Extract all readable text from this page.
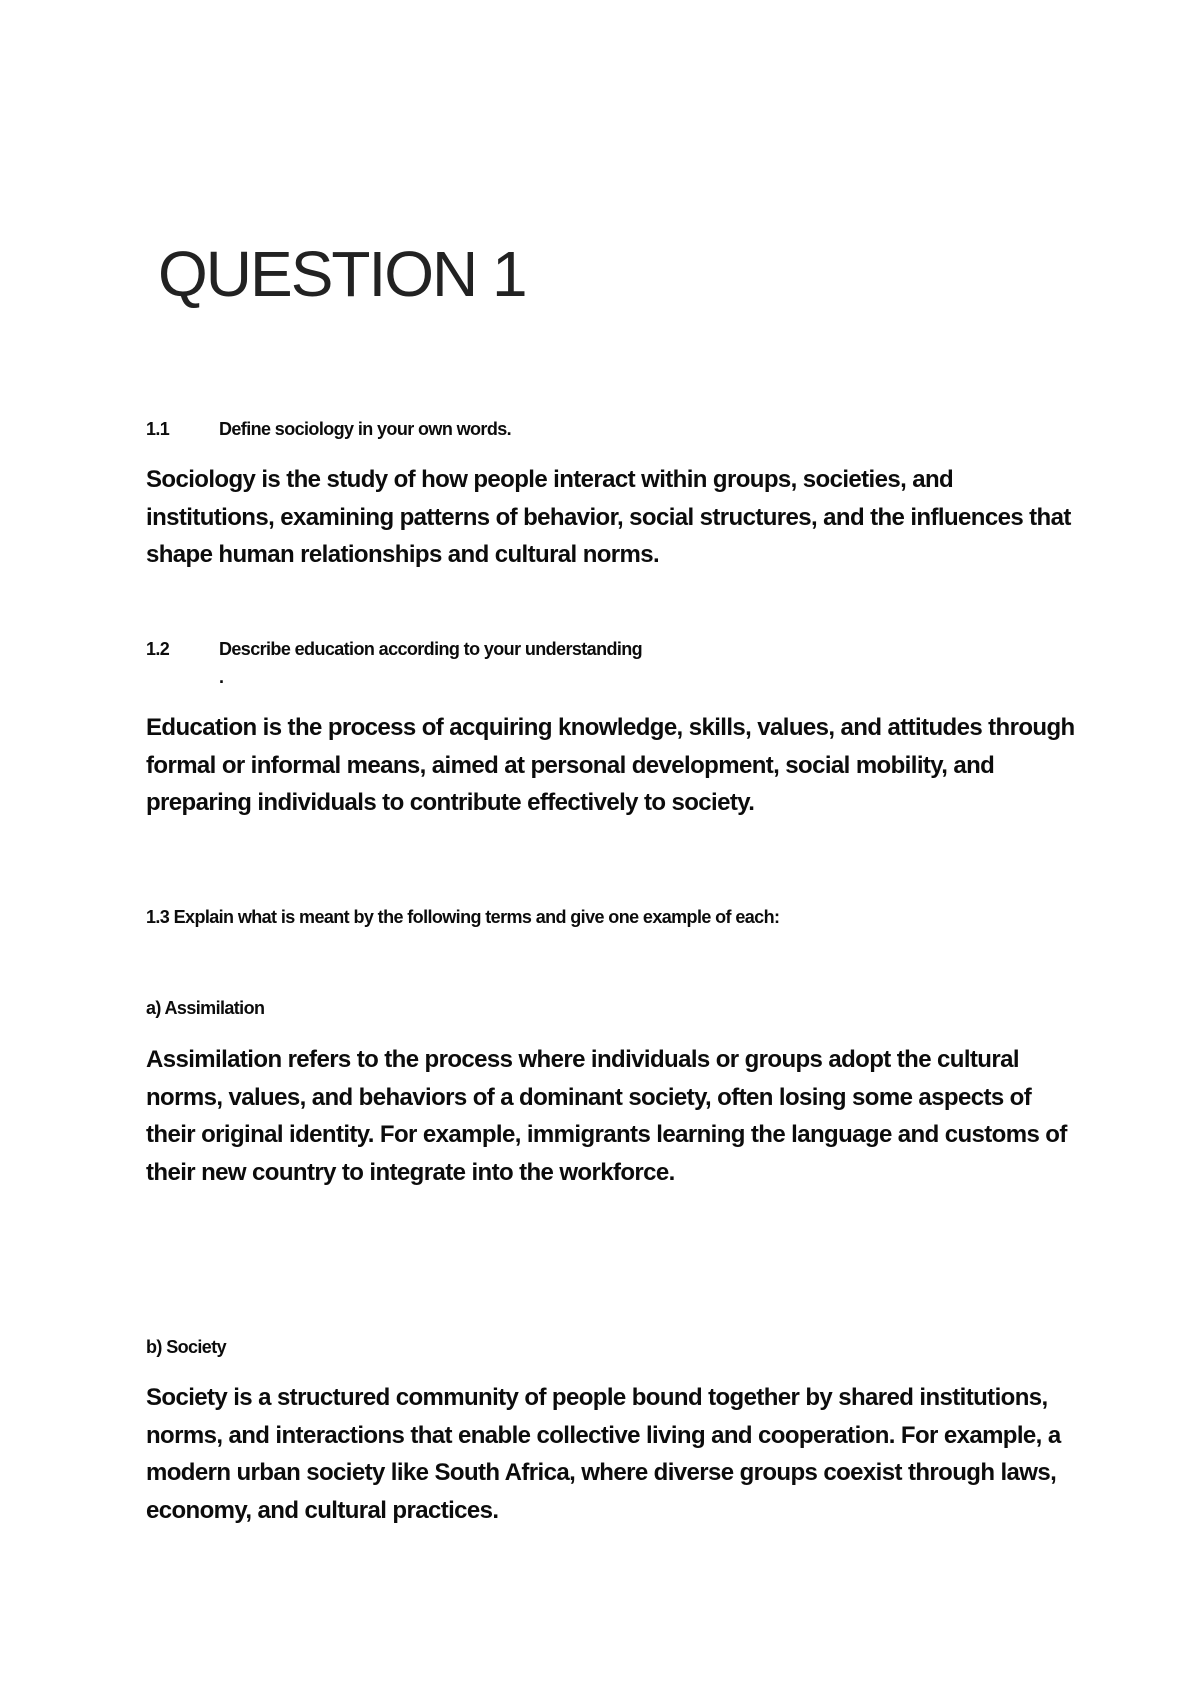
QUESTION 1
1.1	Define sociology in your own words.

Sociology is the study of how people interact within groups, societies, and institutions, examining patterns of behavior, social structures, and the influences that shape human relationships and cultural norms.

1.2	Describe education according to your understanding
.

Education is the process of acquiring knowledge, skills, values, and attitudes through formal or informal means, aimed at personal development, social mobility, and preparing individuals to contribute effectively to society.

1.3 Explain what is meant by the following terms and give one example of each:
a) Assimilation

Assimilation refers to the process where individuals or groups adopt the cultural norms, values, and behaviors of a dominant society, often losing some aspects of their original identity. For example, immigrants learning the language and customs of their new country to integrate into the workforce.

b) Society

Society is a structured community of people bound together by shared institutions, norms, and interactions that enable collective living and cooperation. For example, a modern urban society like South Africa, where diverse groups coexist through laws, economy, and cultural practices.
